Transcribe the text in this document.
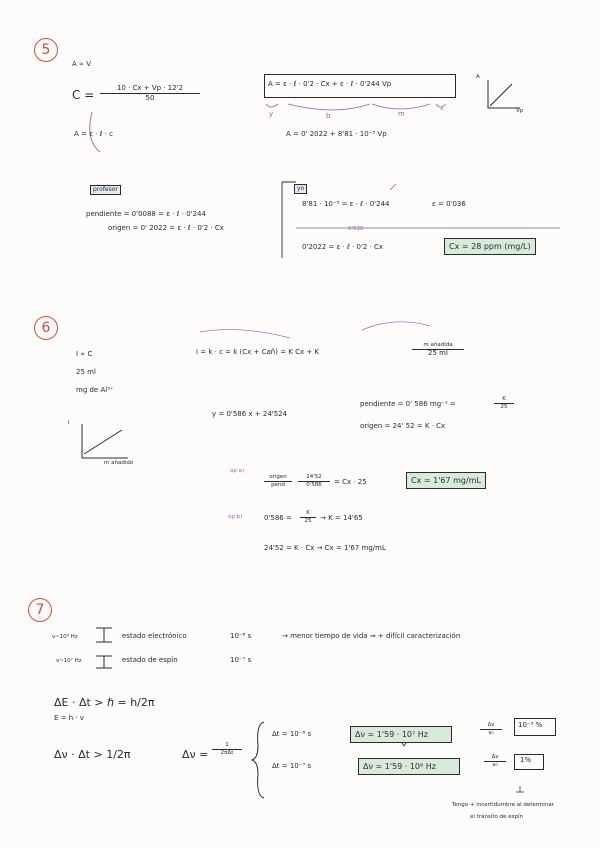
5
A ∝ V
$C = \frac{10 \cdot Cx + Vp \cdot 12'2}{50}$
A = ε · ℓ · c
A = ε · ℓ · 0'2 · Cx + ε · ℓ · 0'244 Vp
y	b	m
x
A = 0' 2022 + 8'81 · 10⁻³ Vp
A
Vp
profesor
pendiente = 0'0088 = ε · ℓ · 0'244
origen = 0' 2022 = ε · ℓ · 0'2 · Cx
yo
8'81 · 10⁻³ = ε · ℓ · 0'244	ε = 0'036
0'036
0'2022 = ε · ℓ · 0'2 · Cx	Cx = 28 ppm (mg/L)
6
I ∝ C
25 ml
mg de Al³⁺
I = k · c = k (Cx + Cañ) = K Cx + K
m añadida
25 ml
y = 0'586 x + 24'524
pendiente = 0' 586 mg⁻¹ =	$\frac{K}{25}$
origen = 24' 52 = K · Cx
I
m añadido
op a)
origen
pend	$\frac{24'52}{0'586} = Cx \cdot 25$	Cx = 1'67 mg/mL
op b)	$0'586 = \frac{K}{25} \to K = 14'65$
24'52 = K · Cx → Cx = 1'67 mg/mL
7
ν~10⁸ Hz	estado electrónico	10⁻⁸ s	→ menor tiempo de vida ⇒ + difícil caracterización
ν~10⁷ Hz	estado de espín	10⁻⁷ s
ΔE · Δt > ℏ = h/2π
E = h · ν
Δν · Δt > 1/2π	Δν =
1
2πΔt
Δt = 10⁻⁸ s	Δν = 1'59 · 10⁷ Hz	$\frac{\Delta\nu}{\text{ν₀}} 10^{-3}$ %
Δt = 10⁻⁷ s	Δν = 1'59 · 10⁶ Hz	$\frac{\Delta\nu}{\text{ν₀}} 1\%$
Tengo + incertidumbre al determinar
el tránsito de espín
